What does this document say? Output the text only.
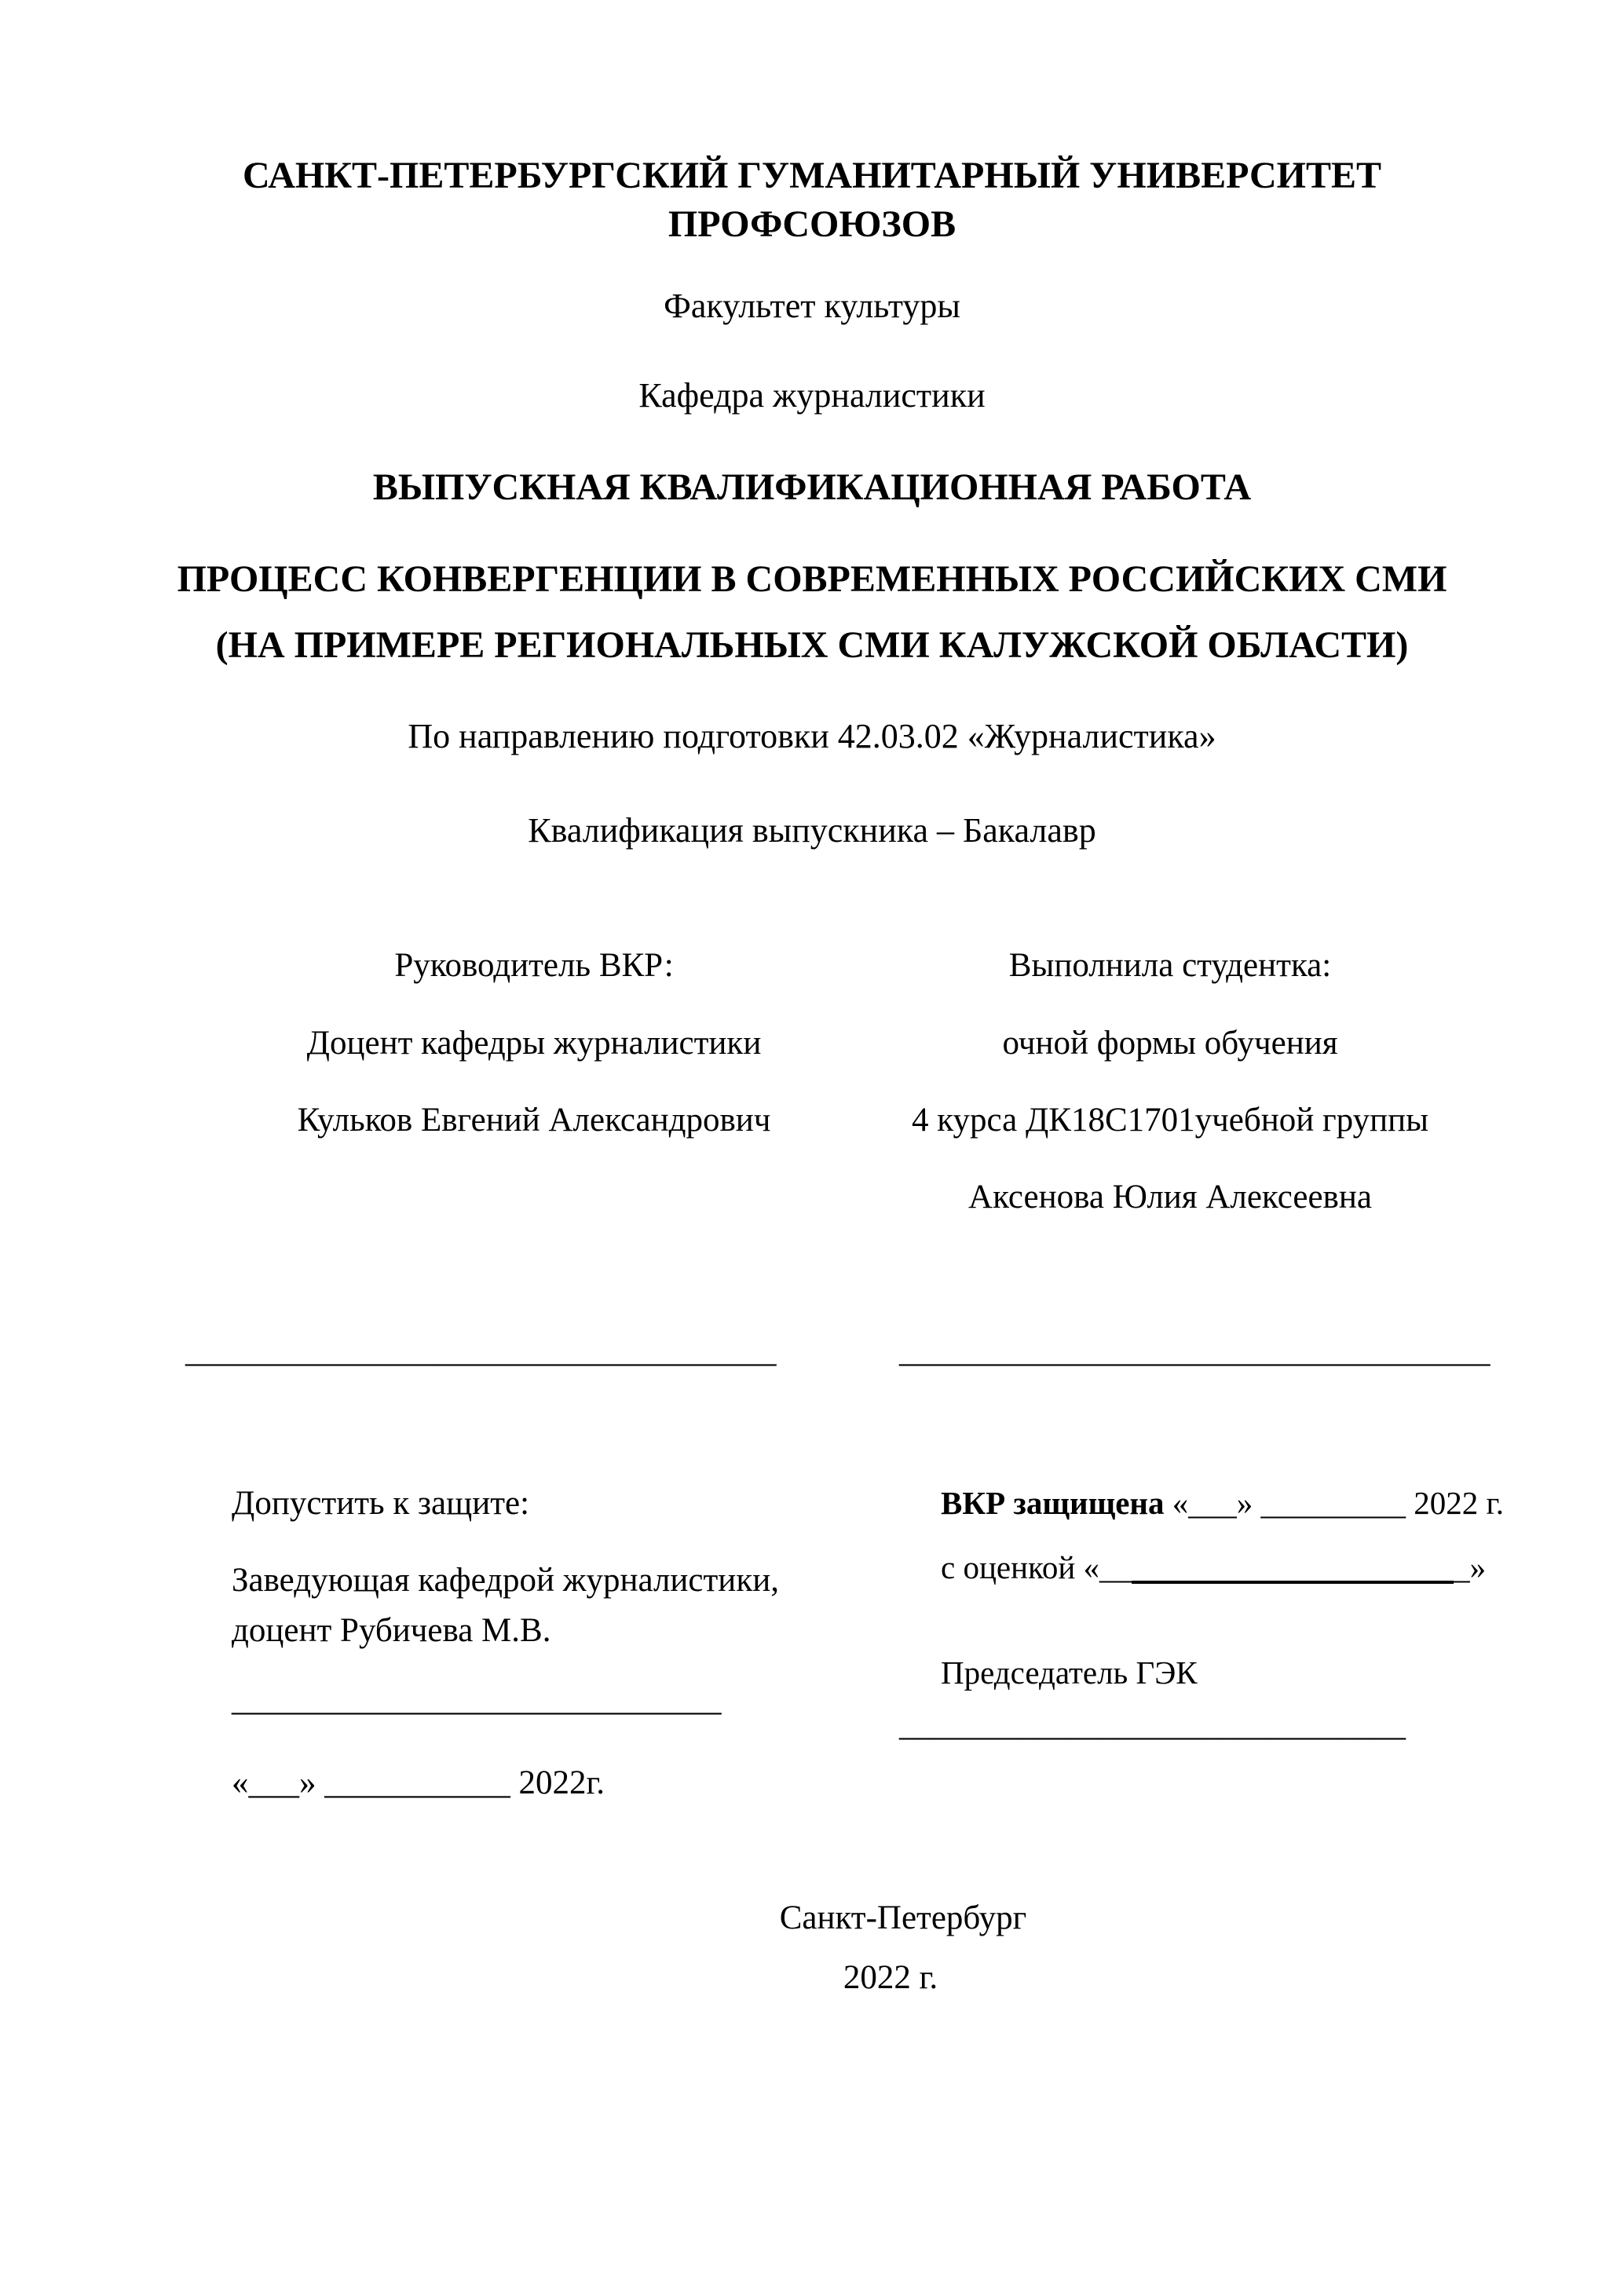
САНКТ-ПЕТЕРБУРГСКИЙ ГУМАНИТАРНЫЙ УНИВЕРСИТЕТ
ПРОФСОЮЗОВ
Факультет культуры
Кафедра журналистики
ВЫПУСКНАЯ КВАЛИФИКАЦИОННАЯ РАБОТА
ПРОЦЕСС КОНВЕРГЕНЦИИ В СОВРЕМЕННЫХ РОССИЙСКИХ СМИ
(НА ПРИМЕРЕ РЕГИОНАЛЬНЫХ СМИ КАЛУЖСКОЙ ОБЛАСТИ)
По направлению подготовки 42.03.02 «Журналистика»
Квалификация выпускника – Бакалавр
Руководитель ВКР:
Доцент кафедры журналистики
Кульков Евгений Александрович
Выполнила студентка:
очной формы обучения
4 курса ДК18С1701учебной группы
Аксенова Юлия Алексеевна
___________________________________	___________________________________
Допустить к защите:
Заведующая кафедрой журналистики,
доцент Рубичева М.В.
_____________________________
«___» ___________ 2022г.
ВКР защищена «___» _________ 2022 г.
с оценкой «_______________________»
Председатель ГЭК
______________________________
Санкт-Петербург
2022 г.
